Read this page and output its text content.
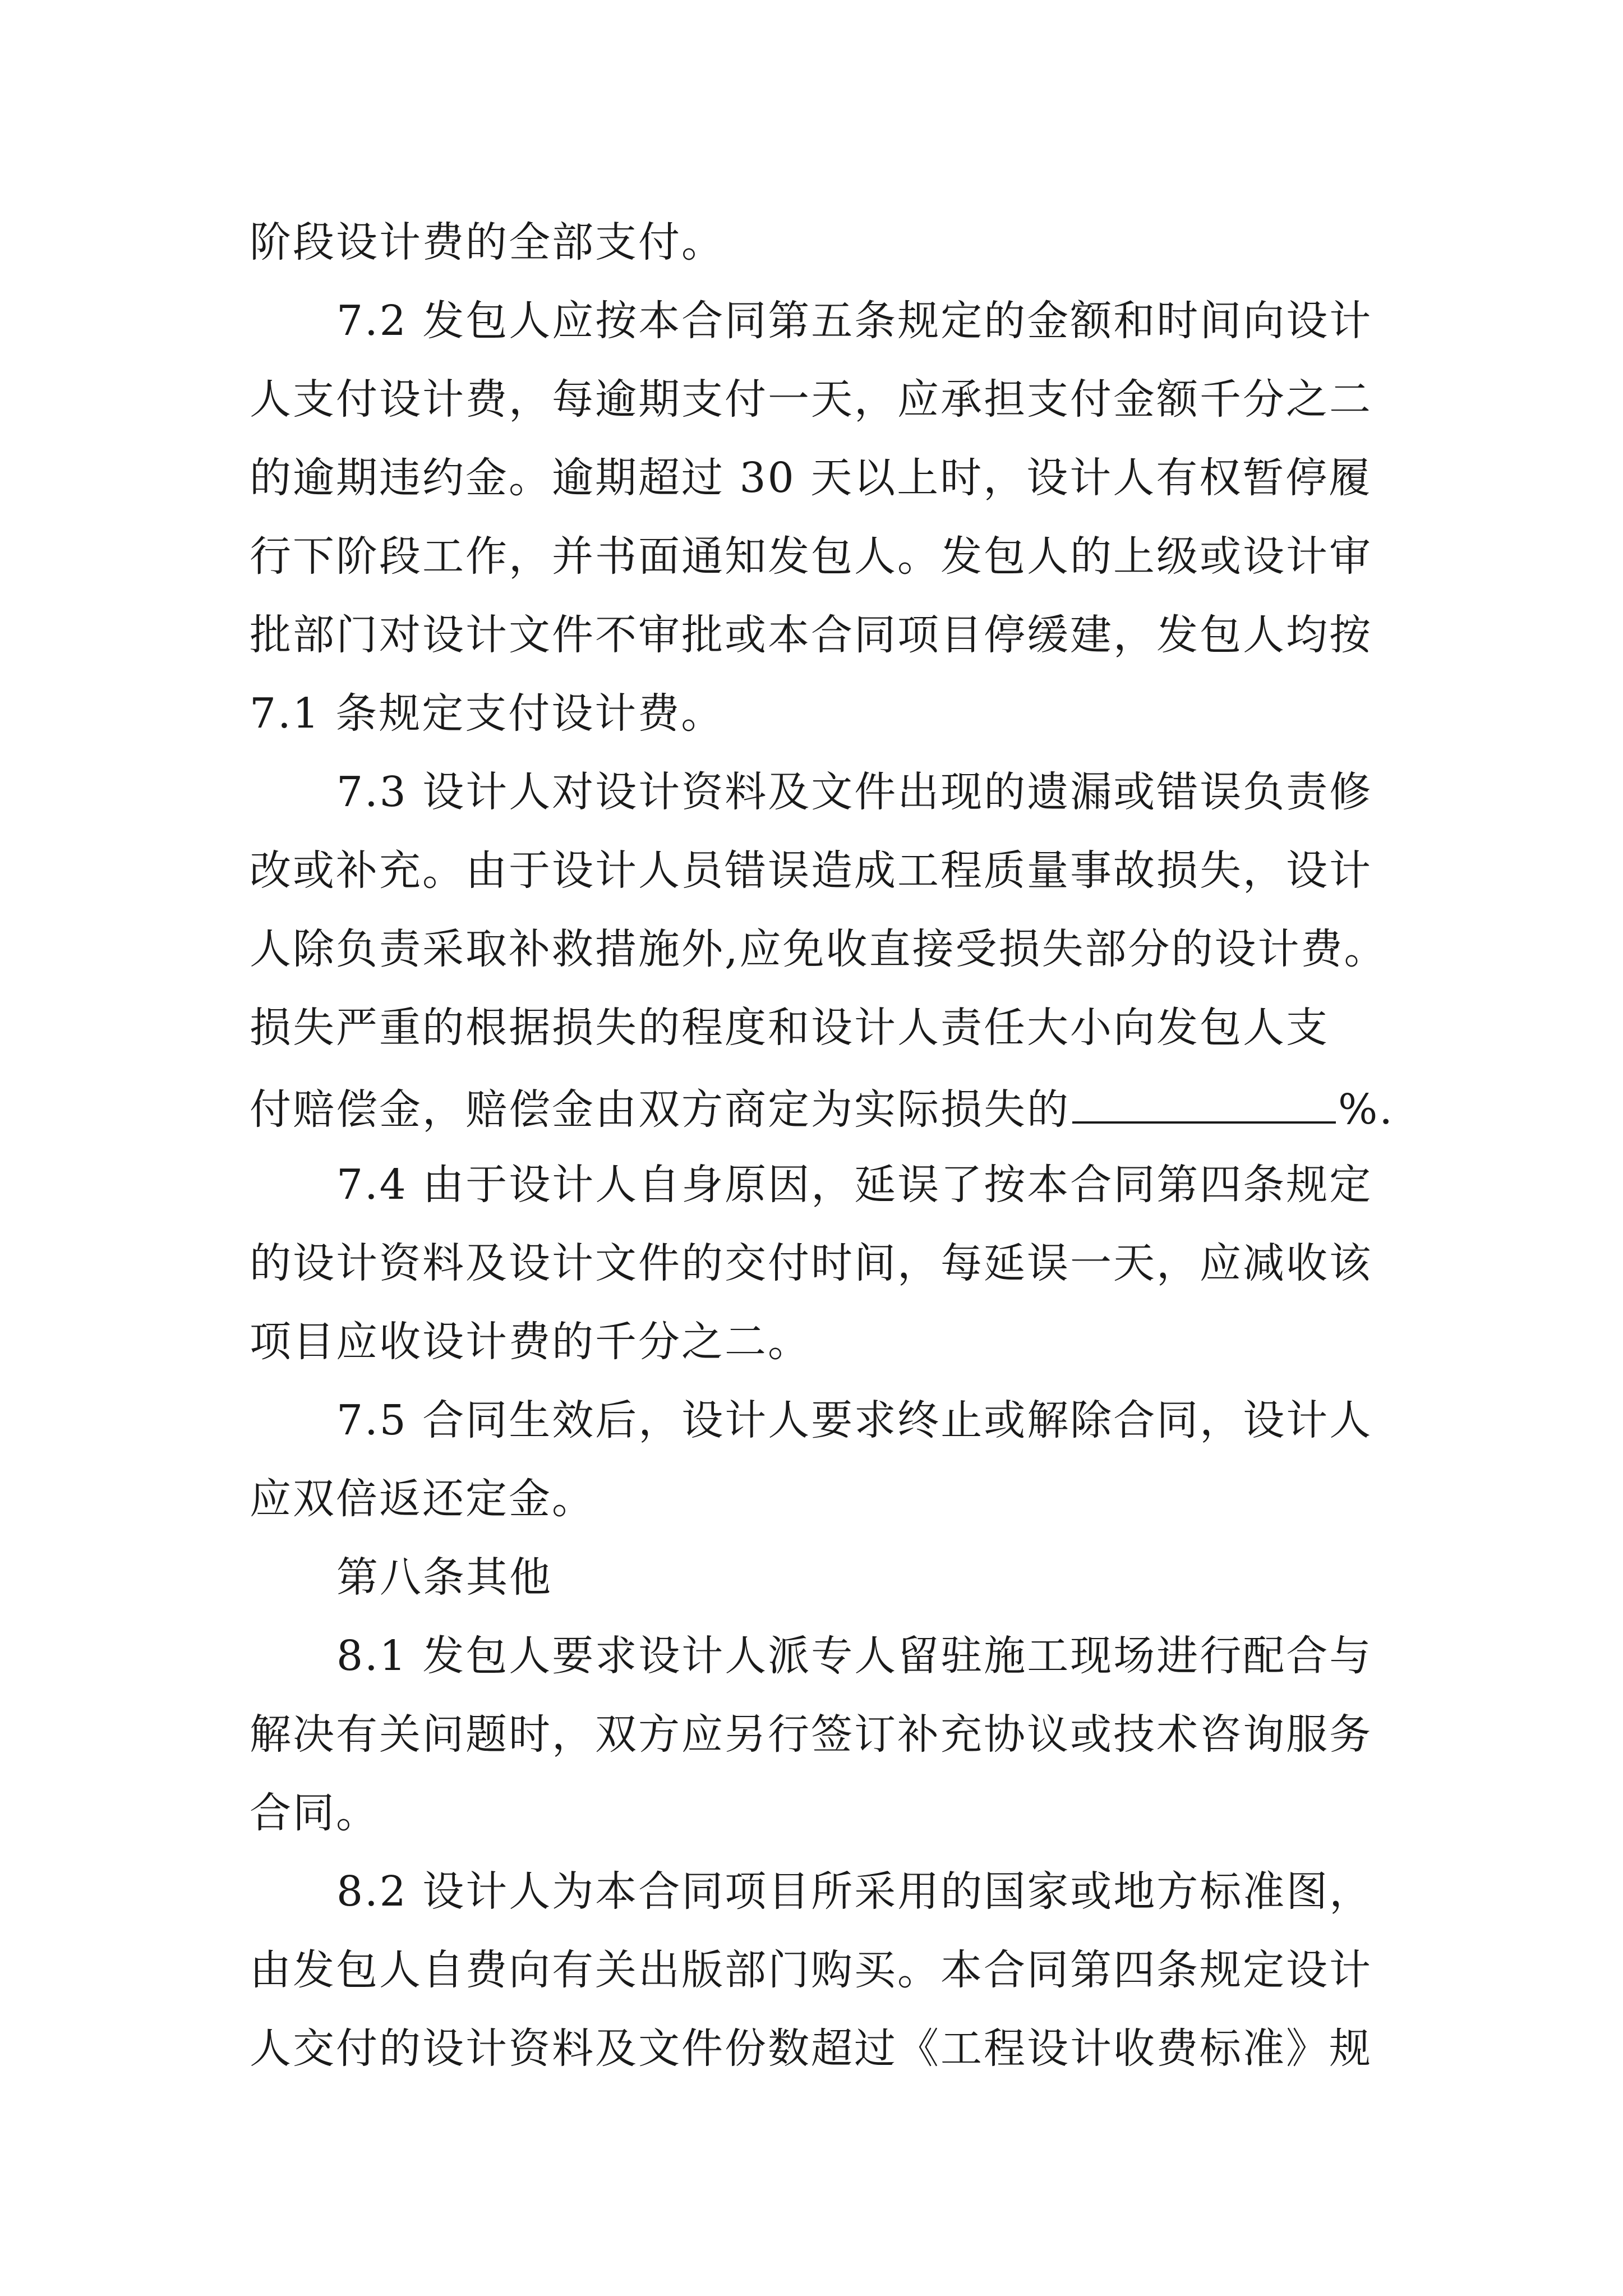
阶段设计费的全部支付。
7.2 发包人应按本合同第五条规定的金额和时间向设计
人支付设计费，每逾期支付一天，应承担支付金额千分之二
的逾期违约金。逾期超过 30 天以上时，设计人有权暂停履
行下阶段工作，并书面通知发包人。发包人的上级或设计审
批部门对设计文件不审批或本合同项目停缓建，发包人均按
7.1 条规定支付设计费。
7.3 设计人对设计资料及文件出现的遗漏或错误负责修
改或补充。由于设计人员错误造成工程质量事故损失，设计
人除负责采取补救措施外,应免收直接受损失部分的设计费。
损失严重的根据损失的程度和设计人责任大小向发包人支
付赔偿金，赔偿金由双方商定为实际损失的	%.
7.4 由于设计人自身原因，延误了按本合同第四条规定
的设计资料及设计文件的交付时间，每延误一天，应减收该
项目应收设计费的千分之二。
7.5 合同生效后，设计人要求终止或解除合同，设计人
应双倍返还定金。
第八条其他
8.1 发包人要求设计人派专人留驻施工现场进行配合与
解决有关问题时，双方应另行签订补充协议或技术咨询服务
合同。
8.2 设计人为本合同项目所采用的国家或地方标准图，
由发包人自费向有关出版部门购买。本合同第四条规定设计
人交付的设计资料及文件份数超过《工程设计收费标准》规
